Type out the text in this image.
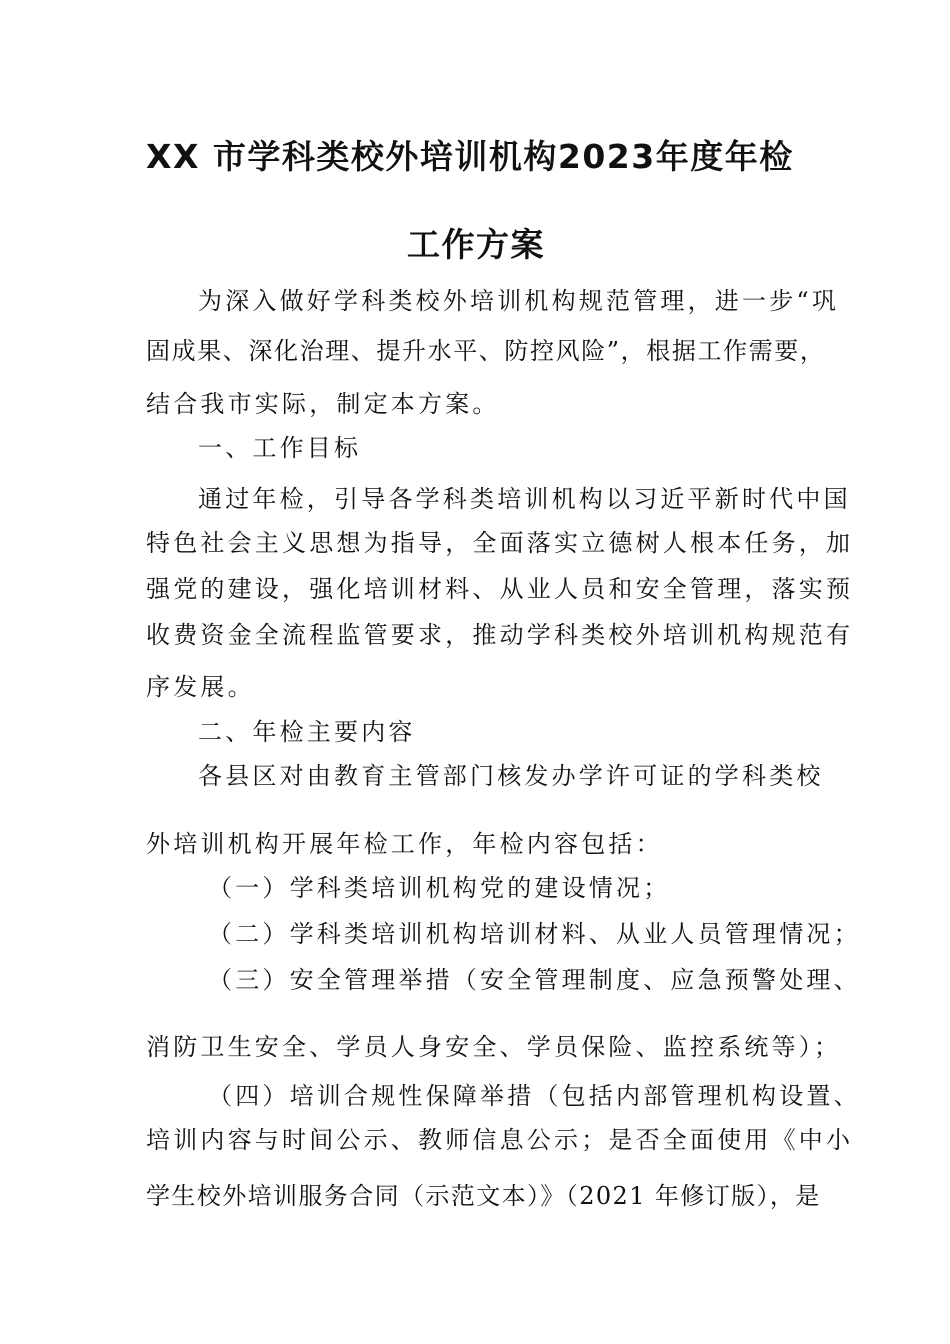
XX 市学科类校外培训机构2023年度年检
工作方案
为深入做好学科类校外培训机构规范管理，进一步“巩
固成果、深化治理、提升水平、防控风险”，根据工作需要，
结合我市实际，制定本方案。
一、工作目标
通过年检，引导各学科类培训机构以习近平新时代中国
特色社会主义思想为指导，全面落实立德树人根本任务，加
强党的建设，强化培训材料、从业人员和安全管理，落实预
收费资金全流程监管要求，推动学科类校外培训机构规范有
序发展。
二、年检主要内容
各县区对由教育主管部门核发办学许可证的学科类校
外培训机构开展年检工作，年检内容包括：
（一）学科类培训机构党的建设情况；
（二）学科类培训机构培训材料、从业人员管理情况；
（三）安全管理举措（安全管理制度、应急预警处理、
消防卫生安全、学员人身安全、学员保险、监控系统等）；
（四）培训合规性保障举措（包括内部管理机构设置、
培训内容与时间公示、教师信息公示；是否全面使用《中小
学生校外培训服务合同（示范文本）》（2021 年修订版），是
